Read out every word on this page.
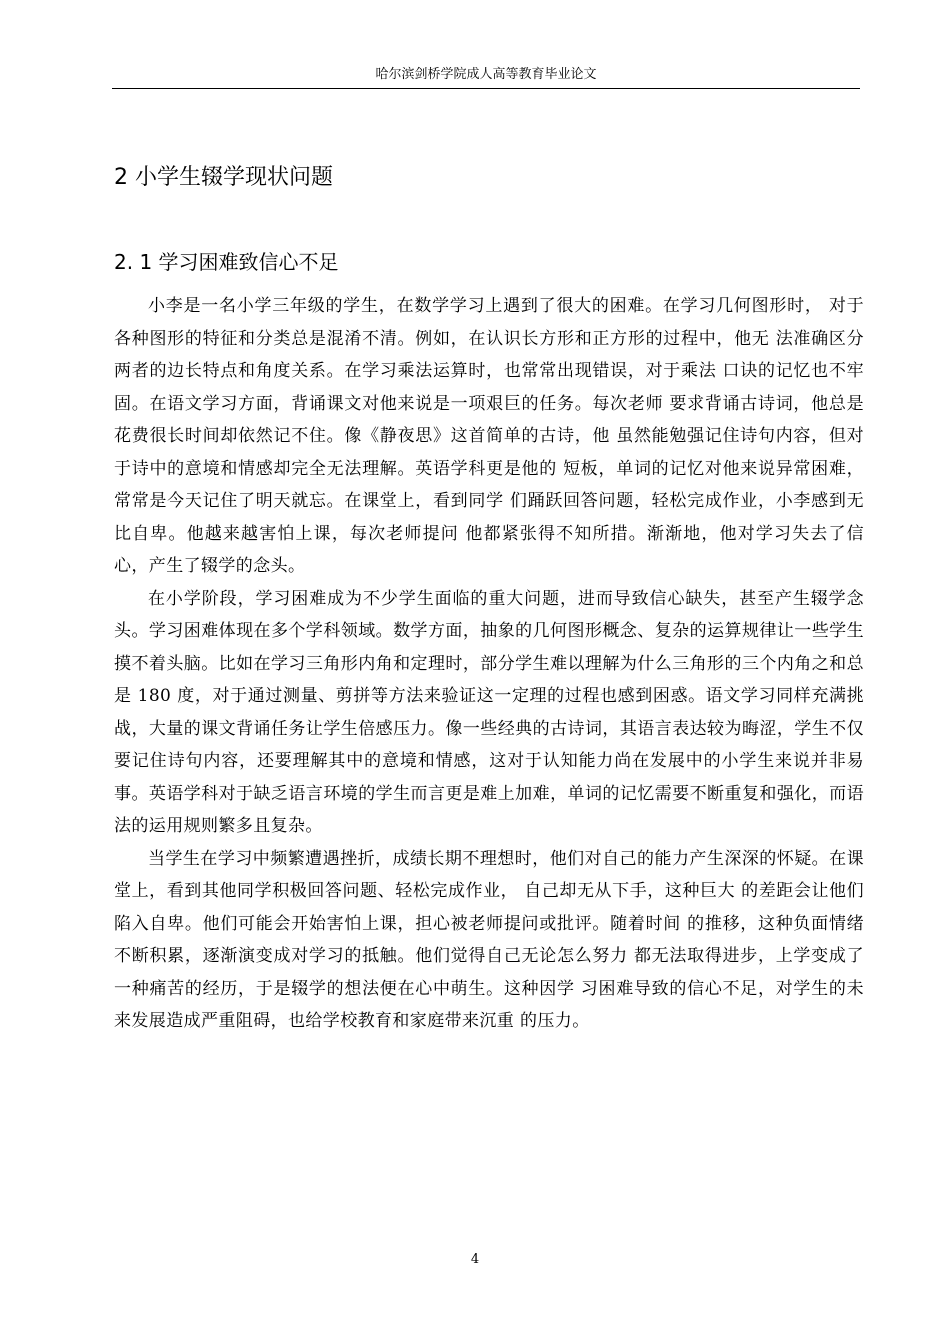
哈尔滨剑桥学院成人高等教育毕业论文
2 小学生辍学现状问题
2. 1 学习困难致信心不足

小李是一名小学三年级的学生，在数学学习上遇到了很大的困难。在学习几何图形时， 对于各种图形的特征和分类总是混淆不清。例如，在认识长方形和正方形的过程中，他无 法准确区分两者的边长特点和角度关系。在学习乘法运算时，也常常出现错误，对于乘法 口诀的记忆也不牢固。在语文学习方面，背诵课文对他来说是一项艰巨的任务。每次老师 要求背诵古诗词，他总是花费很长时间却依然记不住。像《静夜思》这首简单的古诗，他 虽然能勉强记住诗句内容，但对于诗中的意境和情感却完全无法理解。英语学科更是他的 短板，单词的记忆对他来说异常困难，常常是今天记住了明天就忘。在课堂上，看到同学 们踊跃回答问题，轻松完成作业，小李感到无比自卑。他越来越害怕上课，每次老师提问 他都紧张得不知所措。渐渐地，他对学习失去了信心，产生了辍学的念头。

在小学阶段，学习困难成为不少学生面临的重大问题，进而导致信心缺失，甚至产生辍学念头。学习困难体现在多个学科领域。数学方面，抽象的几何图形概念、复杂的运算规律让一些学生摸不着头脑。比如在学习三角形内角和定理时，部分学生难以理解为什么三角形的三个内角之和总是 180 度，对于通过测量、剪拼等方法来验证这一定理的过程也感到困惑。语文学习同样充满挑战，大量的课文背诵任务让学生倍感压力。像一些经典的古诗词，其语言表达较为晦涩，学生不仅要记住诗句内容，还要理解其中的意境和情感，这对于认知能力尚在发展中的小学生来说并非易事。英语学科对于缺乏语言环境的学生而言更是难上加难，单词的记忆需要不断重复和强化，而语法的运用规则繁多且复杂。

当学生在学习中频繁遭遇挫折，成绩长期不理想时，他们对自己的能力产生深深的怀疑。在课堂上，看到其他同学积极回答问题、轻松完成作业， 自己却无从下手，这种巨大 的差距会让他们陷入自卑。他们可能会开始害怕上课，担心被老师提问或批评。随着时间 的推移，这种负面情绪不断积累，逐渐演变成对学习的抵触。他们觉得自己无论怎么努力 都无法取得进步，上学变成了一种痛苦的经历，于是辍学的想法便在心中萌生。这种因学 习困难导致的信心不足，对学生的未来发展造成严重阻碍，也给学校教育和家庭带来沉重 的压力。

4
